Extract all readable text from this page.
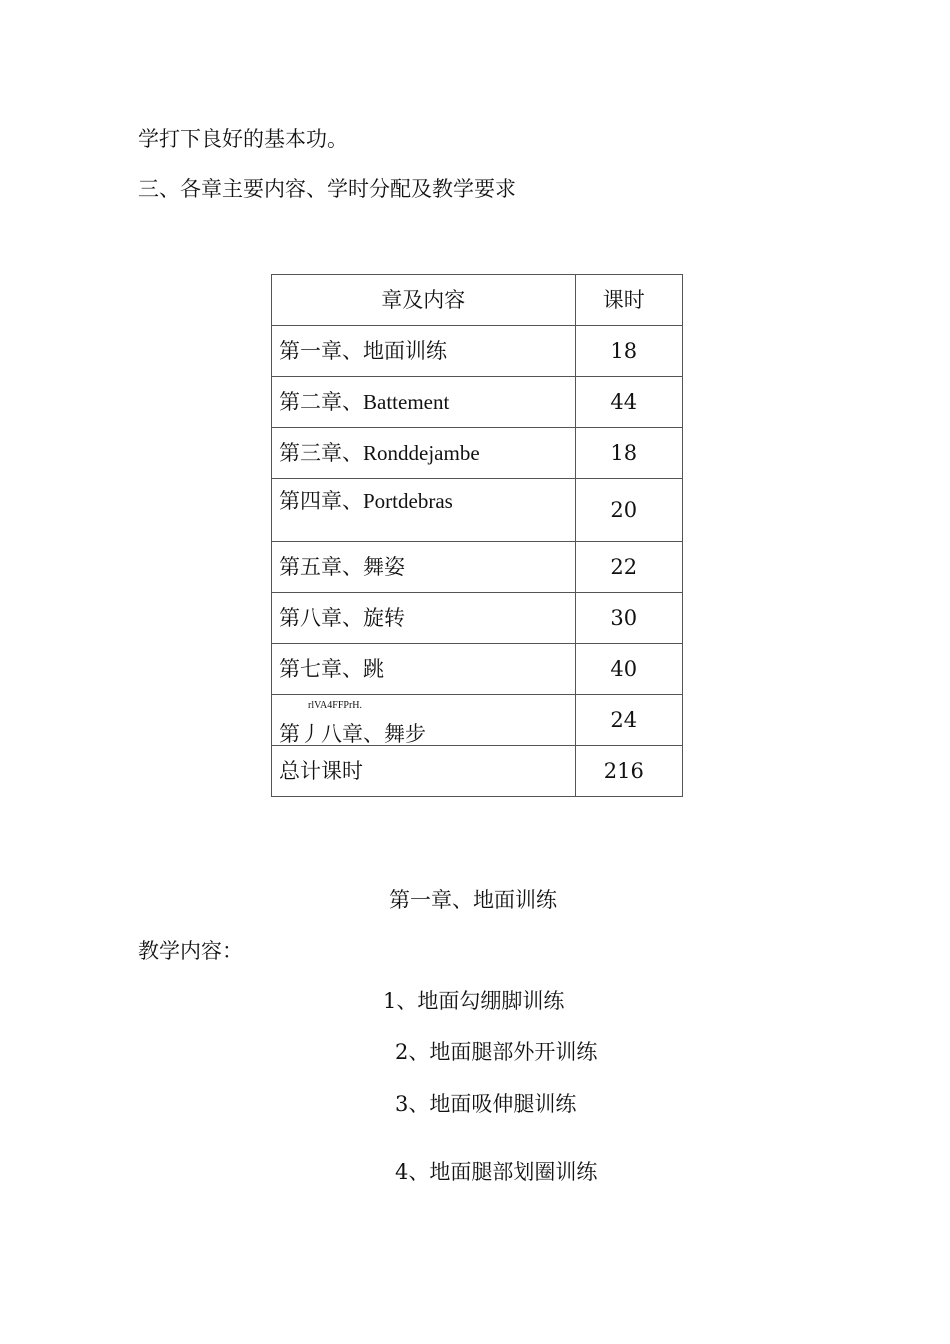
学打下良好的基本功。
三、各章主要内容、学时分配及教学要求
章及内容	课时
第一章、地面训练	18
第二章、Battement	44
第三章、Ronddejambe	18
第四章、Portdebras	20
第五章、舞姿	22
第八章、旋转	30
第七章、跳	40

rlVA4FFPrH.
第丿八章、舞步	24
总计课时	216
第一章、地面训练
教学内容：
1、地面勾绷脚训练
2、地面腿部外开训练
3、地面吸伸腿训练
4、地面腿部划圈训练
